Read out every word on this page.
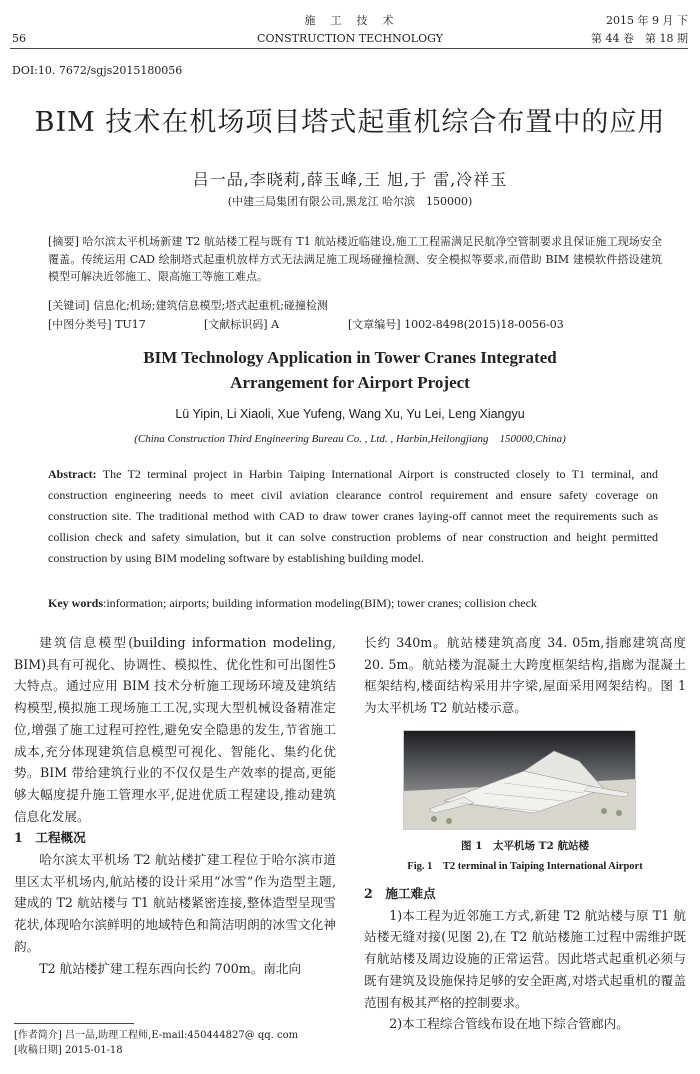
56
施　工　技　术
CONSTRUCTION TECHNOLOGY
2015 年 9 月 下
第 44 卷　第 18 期
DOI:10. 7672/sgjs2015180056
BIM 技术在机场项目塔式起重机综合布置中的应用
吕一品,李晓莉,薛玉峰,王 旭,于 雷,冷祥玉
(中建三局集团有限公司,黑龙江 哈尔滨　150000)
[摘要] 哈尔滨太平机场新建 T2 航站楼工程与既有 T1 航站楼近临建设,施工工程需满足民航净空管制要求且保证施工现场安全覆盖。传统运用 CAD 绘制塔式起重机放样方式无法满足施工现场碰撞检测、安全模拟等要求,而借助 BIM 建模软件搭设建筑模型可解决近邻施工、限高施工等施工难点。
[关键词] 信息化;机场;建筑信息模型;塔式起重机;碰撞检测
[中图分类号] TU17	[文献标识码] A	[文章编号] 1002-8498(2015)18-0056-03
BIM Technology Application in Tower Cranes Integrated
Arrangement for Airport Project
Lü Yipin, Li Xiaoli, Xue Yufeng, Wang Xu, Yu Lei, Leng Xiangyu
(China Construction Third Engineering Bureau Co. , Ltd. , Harbin,Heilongjiang　150000,China)
Abstract: The T2 terminal project in Harbin Taiping International Airport is constructed closely to T1 terminal, and construction engineering needs to meet civil aviation clearance control requirement and ensure safety coverage on construction site. The traditional method with CAD to draw tower cranes laying-off cannot meet the requirements such as collision check and safety simulation, but it can solve construction problems of near construction and height permitted construction by using BIM modeling software by establishing building model.
Key words:information; airports; building information modeling(BIM); tower cranes; collision check
建筑信息模型(building information modeling, BIM)具有可视化、协调性、模拟性、优化性和可出图性5大特点。通过应用 BIM 技术分析施工现场环境及建筑结构模型,模拟施工现场施工工况,实现大型机械设备精准定位,增强了施工过程可控性,避免安全隐患的发生,节省施工成本,充分体现建筑信息模型可视化、智能化、集约化优势。BIM 带给建筑行业的不仅仅是生产效率的提高,更能够大幅度提升施工管理水平,促进优质工程建设,推动建筑信息化发展。
1　工程概况
哈尔滨太平机场 T2 航站楼扩建工程位于哈尔滨市道里区太平机场内,航站楼的设计采用“冰雪”作为造型主题,建成的 T2 航站楼与 T1 航站楼紧密连接,整体造型呈现雪花状,体现哈尔滨鲜明的地域特色和简洁明朗的冰雪文化神韵。
T2 航站楼扩建工程东西向长约 700m。南北向
[作者简介] 吕一品,助理工程师,E-mail:450444827@ qq. com
[收稿日期] 2015-01-18
长约 340m。航站楼建筑高度 34. 05m,指廊建筑高度 20. 5m。航站楼为混凝土大跨度框架结构,指廊为混凝土框架结构,楼面结构采用井字梁,屋面采用网架结构。图 1 为太平机场 T2 航站楼示意。
图 1　太平机场 T2 航站楼
Fig. 1　T2 terminal in Taiping International Airport
2　施工难点
1)本工程为近邻施工方式,新建 T2 航站楼与原 T1 航站楼无缝对接(见图 2),在 T2 航站楼施工过程中需维护既有航站楼及周边设施的正常运营。因此塔式起重机必须与既有建筑及设施保持足够的安全距离,对塔式起重机的覆盖范围有极其严格的控制要求。
2)本工程综合管线布设在地下综合管廊内。
